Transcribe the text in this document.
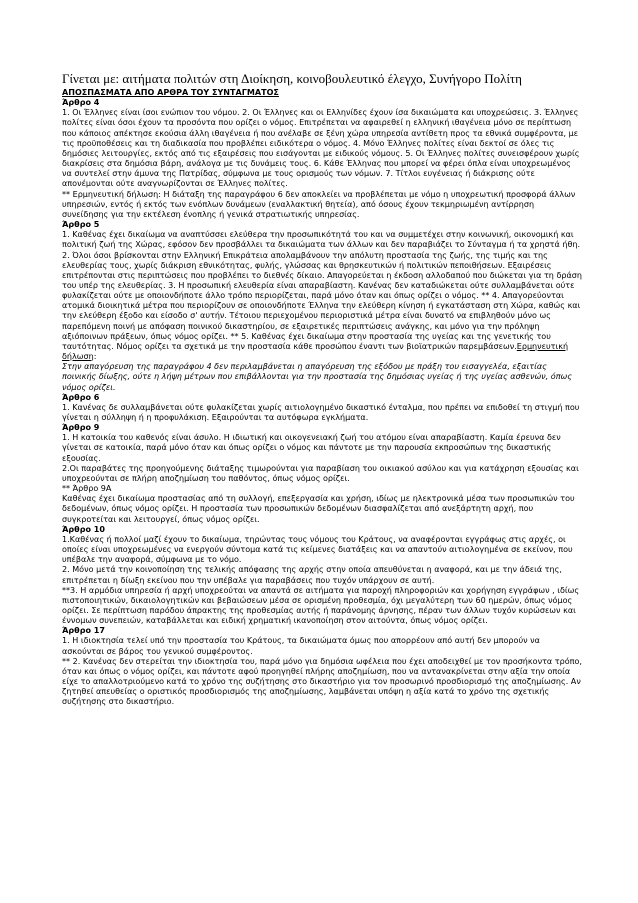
Γίνεται με: αιτήματα πολιτών στη Διοίκηση, κοινοβουλευτικό έλεγχο, Συνήγορο Πολίτη
ΑΠΟΣΠΑΣΜΑΤΑ ΑΠΟ ΑΡΘΡΑ ΤΟΥ ΣΥΝΤΑΓΜΑΤΟΣ
Άρθρο 4
1. Οι Έλληνες είναι ίσοι ενώπιον του νόμου. 2. Οι Έλληνες και οι Ελληνίδες έχουν ίσα δικαιώματα και υποχρεώσεις. 3. Έλληνες πολίτες είναι όσοι έχουν τα προσόντα που ορίζει ο νόμος. Επιτρέπεται να αφαιρεθεί η ελληνική ιθαγένεια μόνο σε περίπτωση που κάποιος απέκτησε εκούσια άλλη ιθαγένεια ή που ανέλαβε σε ξένη χώρα υπηρεσία αντίθετη προς τα εθνικά συμφέροντα, με τις προϋποθέσεις και τη διαδικασία που προβλέπει ειδικότερα ο νόμος. 4. Μόνο Έλληνες πολίτες είναι δεκτοί σε όλες τις δημόσιες λειτουργίες, εκτός από τις εξαιρέσεις που εισάγονται με ειδικούς νόμους. 5. Οι Έλληνες πολίτες συνεισφέρουν χωρίς διακρίσεις στα δημόσια βάρη, ανάλογα με τις δυνάμεις τους. 6. Κάθε Έλληνας που μπορεί να φέρει όπλα είναι υποχρεωμένος να συντελεί στην άμυνα της Πατρίδας, σύμφωνα με τους ορισμούς των νόμων. 7. Τίτλοι ευγένειας ή διάκρισης ούτε απονέμονται ούτε αναγνωρίζονται σε Έλληνες πολίτες.
** Ερμηνευτική δήλωση: Η διάταξη της παραγράφου 6 δεν αποκλείει να προβλέπεται με νόμο η υποχρεωτική προσφορά άλλων υπηρεσιών, εντός ή εκτός των ενόπλων δυνάμεων (εναλλακτική θητεία), από όσους έχουν τεκμηριωμένη αντίρρηση συνείδησης για την εκτέλεση ένοπλης ή γενικά στρατιωτικής υπηρεσίας.
Άρθρο 5
1. Καθένας έχει δικαίωμα να αναπτύσσει ελεύθερα την προσωπικότητά του και να συμμετέχει στην κοινωνική, οικονομική και πολιτική ζωή της Χώρας, εφόσον δεν προσβάλλει τα δικαιώματα των άλλων και δεν παραβιάζει το Σύνταγμα ή τα χρηστά ήθη. 2. Όλοι όσοι βρίσκονται στην Ελληνική Επικράτεια απολαμβάνουν την απόλυτη προστασία της ζωής, της τιμής και της ελευθερίας τους, χωρίς διάκριση εθνικότητας, φυλής, γλώσσας και θρησκευτικών ή πολιτικών πεποιθήσεων. Εξαιρέσεις επιτρέπονται στις περιπτώσεις που προβλέπει το διεθνές δίκαιο. Απαγορεύεται η έκδοση αλλοδαπού που διώκεται για τη δράση του υπέρ της ελευθερίας. 3. Η προσωπική ελευθερία είναι απαραβίαστη. Κανένας δεν καταδιώκεται ούτε συλλαμβάνεται ούτε φυλακίζεται ούτε με οποιονδήποτε άλλο τρόπο περιορίζεται, παρά μόνο όταν και όπως ορίζει ο νόμος. ** 4. Απαγορεύονται ατομικά διοικητικά μέτρα που περιορίζουν σε οποιονδήποτε Έλληνα την ελεύθερη κίνηση ή εγκατάσταση στη Χώρα, καθώς και την ελεύθερη έξοδο και είσοδο σ' αυτήν. Τέτοιου περιεχομένου περιοριστικά μέτρα είναι δυνατό να επιβληθούν μόνο ως παρεπόμενη ποινή με απόφαση ποινικού δικαστηρίου, σε εξαιρετικές περιπτώσεις ανάγκης, και μόνο για την πρόληψη αξιόποινων πράξεων, όπως νόμος ορίζει. ** 5. Καθένας έχει δικαίωμα στην προστασία της υγείας και της γενετικής του ταυτότητας. Νόμος ορίζει τα σχετικά με την προστασία κάθε προσώπου έναντι των βιοϊατρικών παρεμβάσεων.Ερμηνευτική δήλωση:
Στην απαγόρευση της παραγράφου 4 δεν περιλαμβάνεται η απαγόρευση της εξόδου με πράξη του εισαγγελέα, εξαιτίας ποινικής δίωξης, ούτε η λήψη μέτρων που επιβάλλονται για την προστασία της δημόσιας υγείας ή της υγείας ασθενών, όπως νόμος ορίζει.
Άρθρο 6
1. Κανένας δε συλλαμβάνεται ούτε φυλακίζεται χωρίς αιτιολογημένο δικαστικό ένταλμα, που πρέπει να επιδοθεί τη στιγμή που γίνεται η σύλληψη ή η προφυλάκιση. Εξαιρούνται τα αυτόφωρα εγκλήματα.
Άρθρο 9
1. Η κατοικία του καθενός είναι άσυλο. Η ιδιωτική και οικογενειακή ζωή του ατόμου είναι απαραβίαστη. Καμία έρευνα δεν γίνεται σε κατοικία, παρά μόνο όταν και όπως ορίζει ο νόμος και πάντοτε με την παρουσία εκπροσώπων της δικαστικής εξουσίας.
2.Οι παραβάτες της προηγούμενης διάταξης τιμωρούνται για παραβίαση του οικιακού ασύλου και για κατάχρηση εξουσίας και υποχρεούνται σε πλήρη αποζημίωση του παθόντος, όπως νόμος ορίζει.
** Άρθρο 9Α
Καθένας έχει δικαίωμα προστασίας από τη συλλογή, επεξεργασία και χρήση, ιδίως με ηλεκτρονικά μέσα των προσωπικών του δεδομένων, όπως νόμος ορίζει. Η προστασία των προσωπικών δεδομένων διασφαλίζεται από ανεξάρτητη αρχή, που συγκροτείται και λειτουργεί, όπως νόμος ορίζει.
Άρθρο 10
1.Καθένας ή πολλοί μαζί έχουν το δικαίωμα, τηρώντας τους νόμους του Κράτους, να αναφέρονται εγγράφως στις αρχές, οι οποίες είναι υποχρεωμένες να ενεργούν σύντομα κατά τις κείμενες διατάξεις και να απαντούν αιτιολογημένα σε εκείνον, που υπέβαλε την αναφορά, σύμφωνα με το νόμο.
2. Μόνο μετά την κοινοποίηση της τελικής απόφασης της αρχής στην οποία απευθύνεται η αναφορά, και με την άδειά της, επιτρέπεται η δίωξη εκείνου που την υπέβαλε για παραβάσεις που τυχόν υπάρχουν σε αυτή.
**3. Η αρμόδια υπηρεσία ή αρχή υποχρεούται να απαντά σε αιτήματα για παροχή πληροφοριών και χορήγηση εγγράφων , ιδίως πιστοποιητικών, δικαιολογητικών και βεβαιώσεων μέσα σε ορισμένη προθεσμία, όχι μεγαλύτερη των 60 ημερών, όπως νόμος ορίζει. Σε περίπτωση παρόδου άπρακτης της προθεσμίας αυτής ή παράνομης άρνησης, πέραν των άλλων τυχόν κυρώσεων και έννομων συνεπειών, καταβάλλεται και ειδική χρηματική ικανοποίηση στον αιτούντα, όπως νόμος ορίζει.
Άρθρο 17
1. Η ιδιοκτησία τελεί υπό την προστασία του Κράτους, τα δικαιώματα όμως που απορρέουν από αυτή δεν μπορούν να ασκούνται σε βάρος του γενικού συμφέροντος.
** 2. Κανένας δεν στερείται την ιδιοκτησία του, παρά μόνο για δημόσια ωφέλεια που έχει αποδειχθεί με τον προσήκοντα τρόπο, όταν και όπως ο νόμος ορίζει, και πάντοτε αφού προηγηθεί πλήρης αποζημίωση, που να αντανακρίνεται στην αξία την οποία είχε το απαλλοτριούμενο κατά το χρόνο της συζήτησης στο δικαστήριο για τον προσωρινό προσδιορισμό της αποζημίωσης. Αν ζητηθεί απευθείας ο οριστικός προσδιορισμός της αποζημίωσης, λαμβάνεται υπόψη η αξία κατά το χρόνο της σχετικής συζήτησης στο δικαστήριο.
